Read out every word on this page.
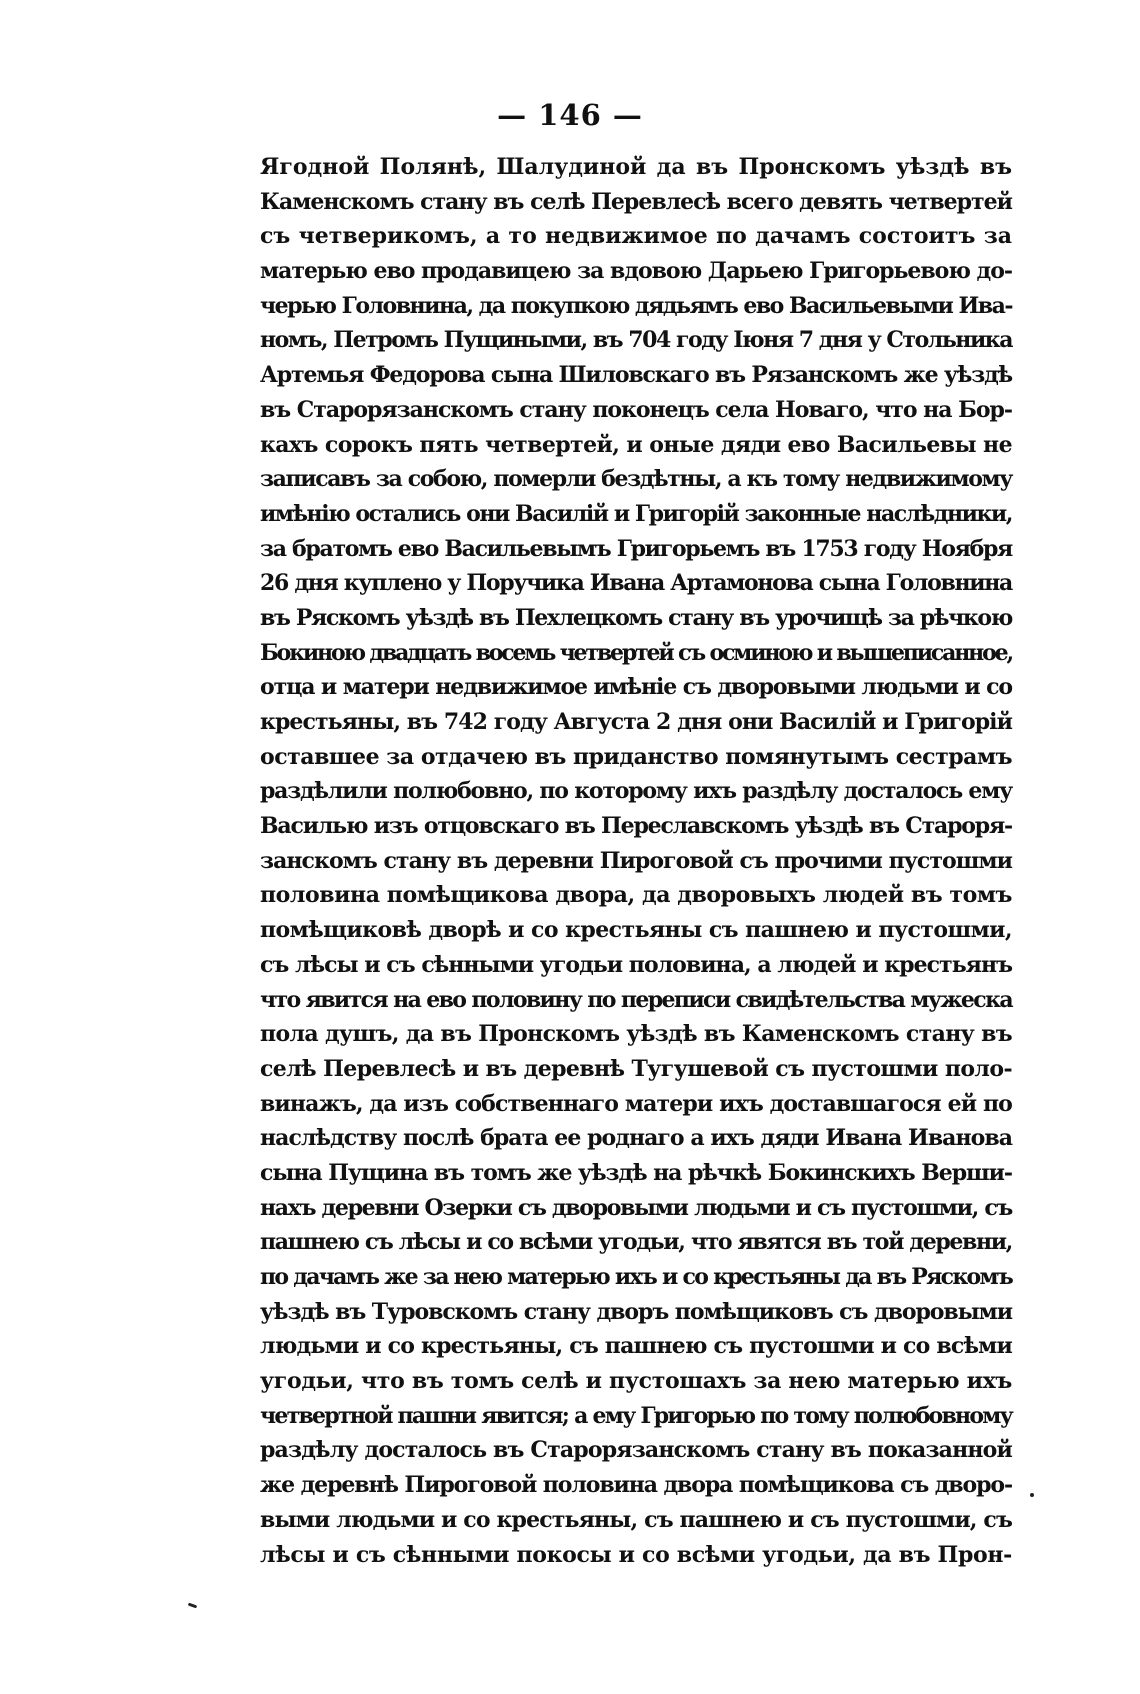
— 146 —
Ягодной Полянѣ, Шалудиной да въ Пронскомъ уѣздѣ въ
Каменскомъ стану въ селѣ Перевлесѣ всего девять четвертей
съ четверикомъ, а то недвижимое по дачамъ состоитъ за
матерью ево продавицею за вдовою Дарьею Григорьевою до-
черью Головнина, да покупкою дядьямъ ево Васильевыми Ива-
номъ, Петромъ Пущиными, въ 704 году Іюня 7 дня у Стольника
Артемья Федорова сына Шиловскаго въ Рязанскомъ же уѣздѣ
въ Старорязанскомъ стану поконецъ села Новаго, что на Бор-
кахъ сорокъ пять четвертей, и оные дяди ево Васильевы не
записавъ за собою, померли бездѣтны, а къ тому недвижимому
имѣнію остались они Василій и Григорій законные наслѣдники,
за братомъ ево Васильевымъ Григорьемъ въ 1753 году Ноября
26 дня куплено у Поручика Ивана Артамонова сына Головнина
въ Ряскомъ уѣздѣ въ Пехлецкомъ стану въ урочищѣ за рѣчкою
Бокиною двадцать восемь четвертей съ осминою и вышеписанное,
отца и матери недвижимое имѣніе съ дворовыми людьми и со
крестьяны, въ 742 году Августа 2 дня они Василій и Григорій
оставшее за отдачею въ приданство помянутымъ сестрамъ
раздѣлили полюбовно, по которому ихъ раздѣлу досталось ему
Василью изъ отцовскаго въ Переславскомъ уѣздѣ въ Староря-
занскомъ стану въ деревни Пироговой съ прочими пустошми
половина помѣщикова двора, да дворовыхъ людей въ томъ
помѣщиковѣ дворѣ и со крестьяны съ пашнею и пустошми,
съ лѣсы и съ сѣнными угодьи половина, а людей и крестьянъ
что явится на ево половину по переписи свидѣтельства мужеска
пола душъ, да въ Пронскомъ уѣздѣ въ Каменскомъ стану въ
селѣ Перевлесѣ и въ деревнѣ Тугушевой съ пустошми поло-
винажъ, да изъ собственнаго матери ихъ доставшагося ей по
наслѣдству послѣ брата ее роднаго а ихъ дяди Ивана Иванова
сына Пущина въ томъ же уѣздѣ на рѣчкѣ Бокинскихъ Верши-
нахъ деревни Озерки съ дворовыми людьми и съ пустошми, съ
пашнею съ лѣсы и со всѣми угодьи, что явятся въ той деревни,
по дачамъ же за нею матерью ихъ и со крестьяны да въ Ряскомъ
уѣздѣ въ Туровскомъ стану дворъ помѣщиковъ съ дворовыми
людьми и со крестьяны, съ пашнею съ пустошми и со всѣми
угодьи, что въ томъ селѣ и пустошахъ за нею матерью ихъ
четвертной пашни явится; а ему Григорью по тому полюбовному
раздѣлу досталось въ Старорязанскомъ стану въ показанной
же деревнѣ Пироговой половина двора помѣщикова съ дворо-
выми людьми и со крестьяны, съ пашнею и съ пустошми, съ
лѣсы и съ сѣнными покосы и со всѣми угодьи, да въ Прон-
